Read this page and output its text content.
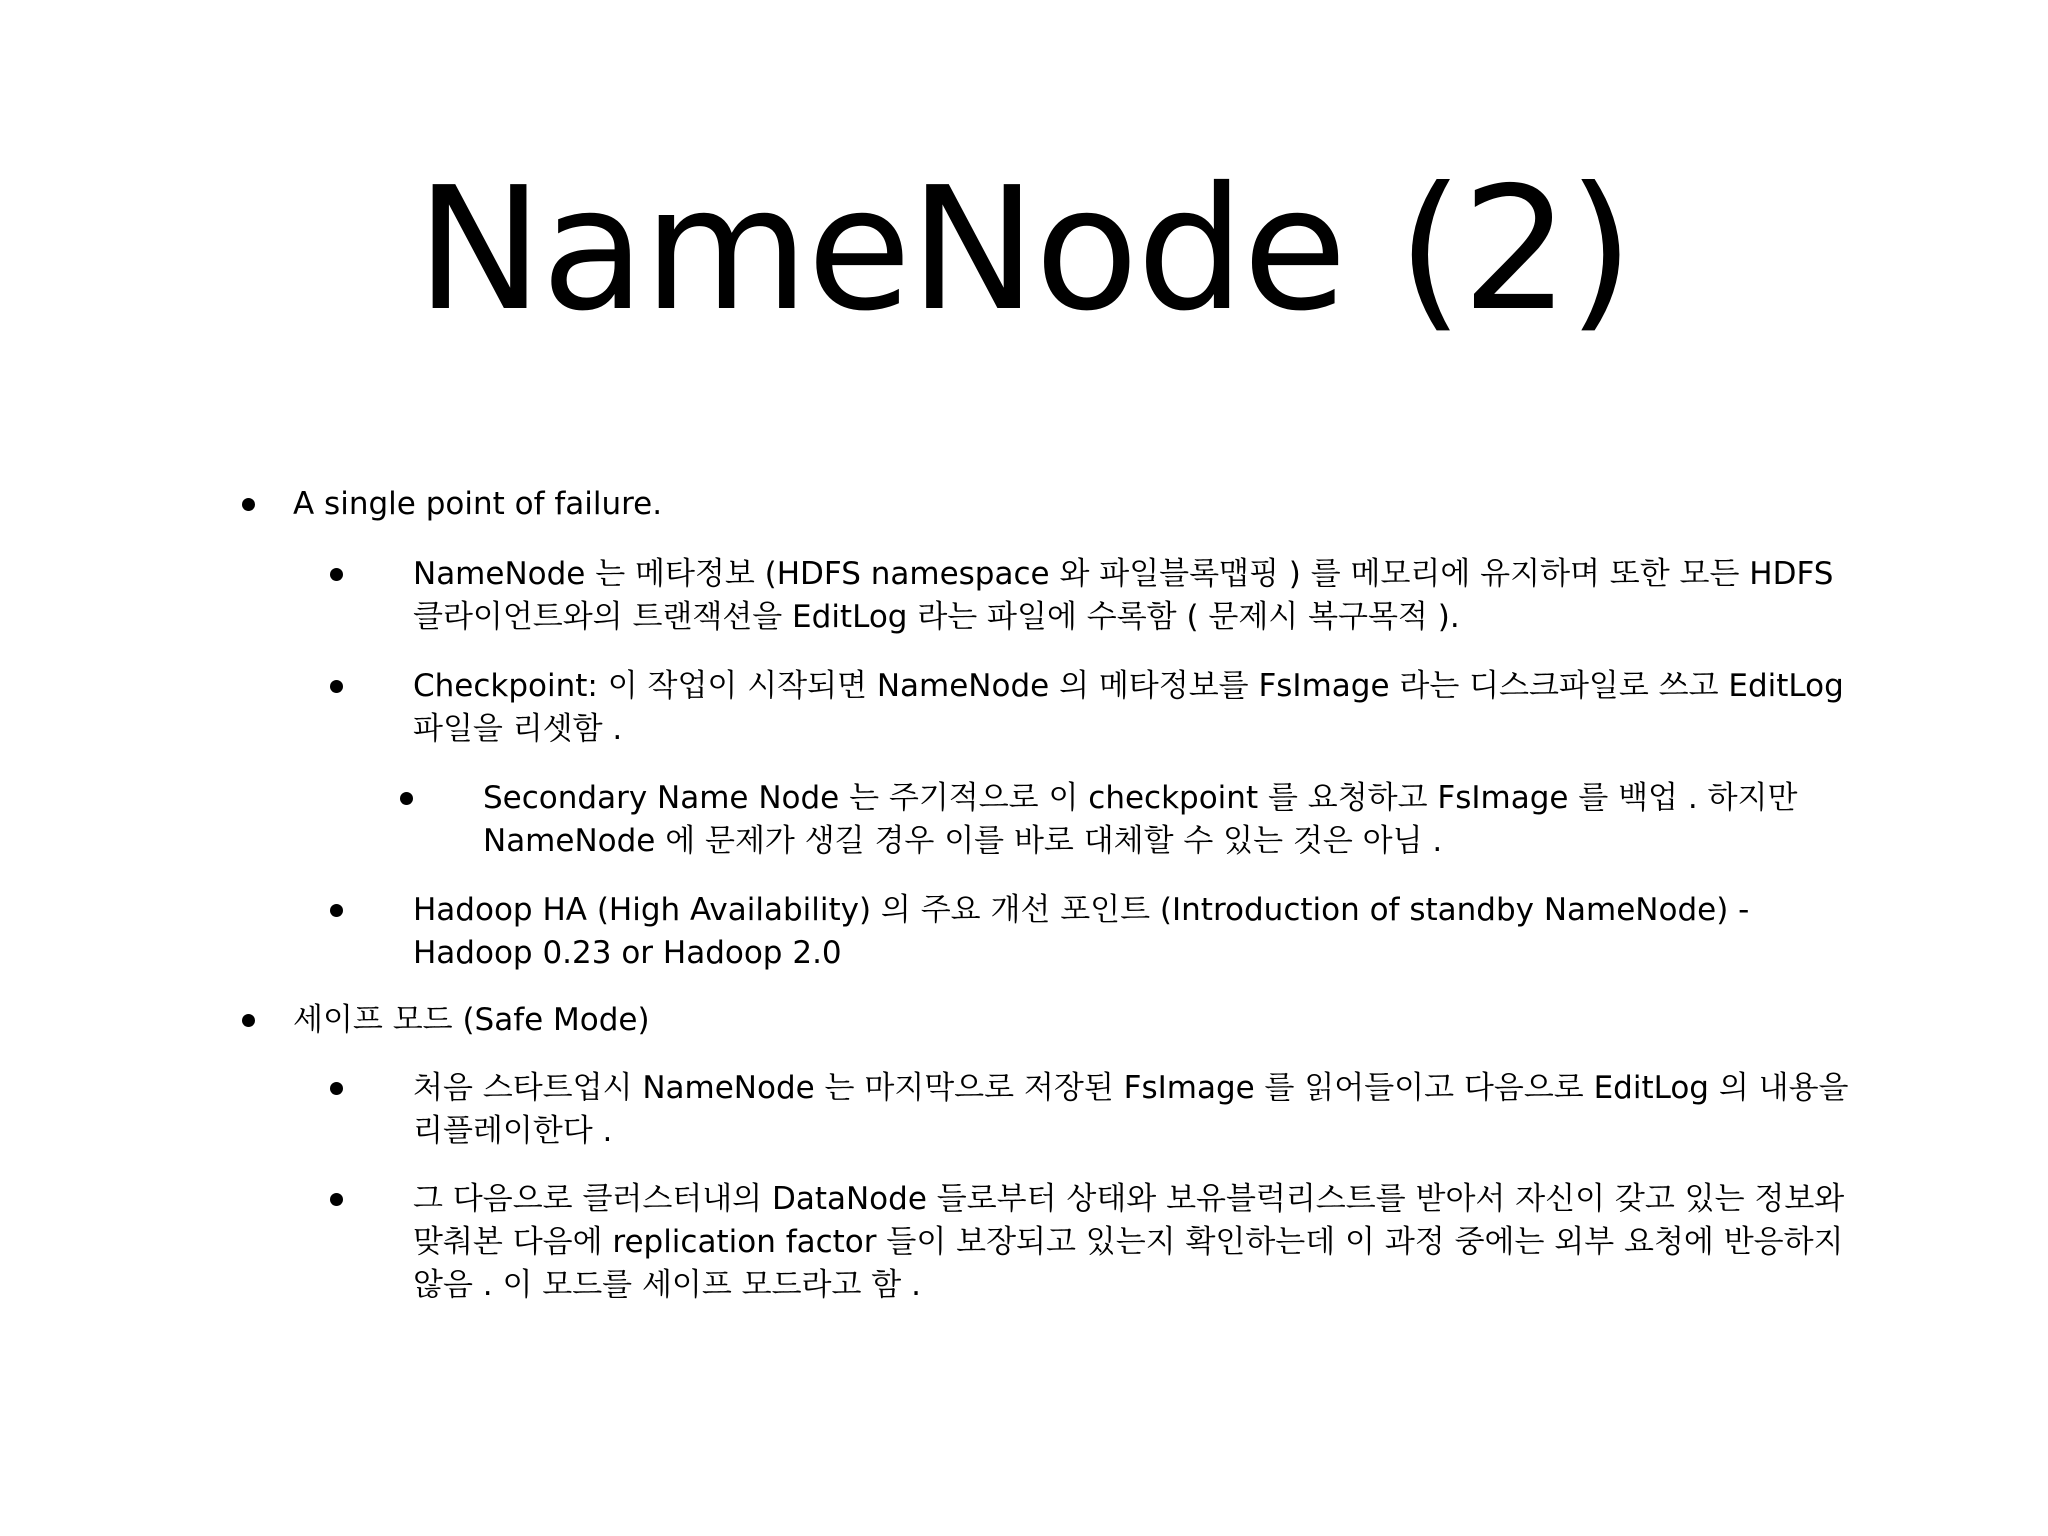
NameNode (2)
A single point of failure.
NameNode 는 메타정보 (HDFS namespace 와 파일블록맵핑 ) 를 메모리에 유지하며 또한 모든 HDFS 클라이언트와의 트랜잭션을 EditLog 라는 파일에 수록함 ( 문제시 복구목적 ).
Checkpoint: 이 작업이 시작되면 NameNode 의 메타정보를 FsImage 라는 디스크파일로 쓰고 EditLog 파일을 리셋함 .
Secondary Name Node 는 주기적으로 이 checkpoint 를 요청하고 FsImage 를 백업 . 하지만 NameNode 에 문제가 생길 경우 이를 바로 대체할 수 있는 것은 아님 .
Hadoop HA (High Availability) 의 주요 개선 포인트 (Introduction of standby NameNode) - Hadoop 0.23 or Hadoop 2.0
세이프 모드 (Safe Mode)
처음 스타트업시 NameNode 는 마지막으로 저장된 FsImage 를 읽어들이고 다음으로 EditLog 의 내용을 리플레이한다 .
그 다음으로 클러스터내의 DataNode 들로부터 상태와 보유블럭리스트를 받아서 자신이 갖고 있는 정보와 맞춰본 다음에 replication factor 들이 보장되고 있는지 확인하는데 이 과정 중에는 외부 요청에 반응하지 않음 . 이 모드를 세이프 모드라고 함 .
